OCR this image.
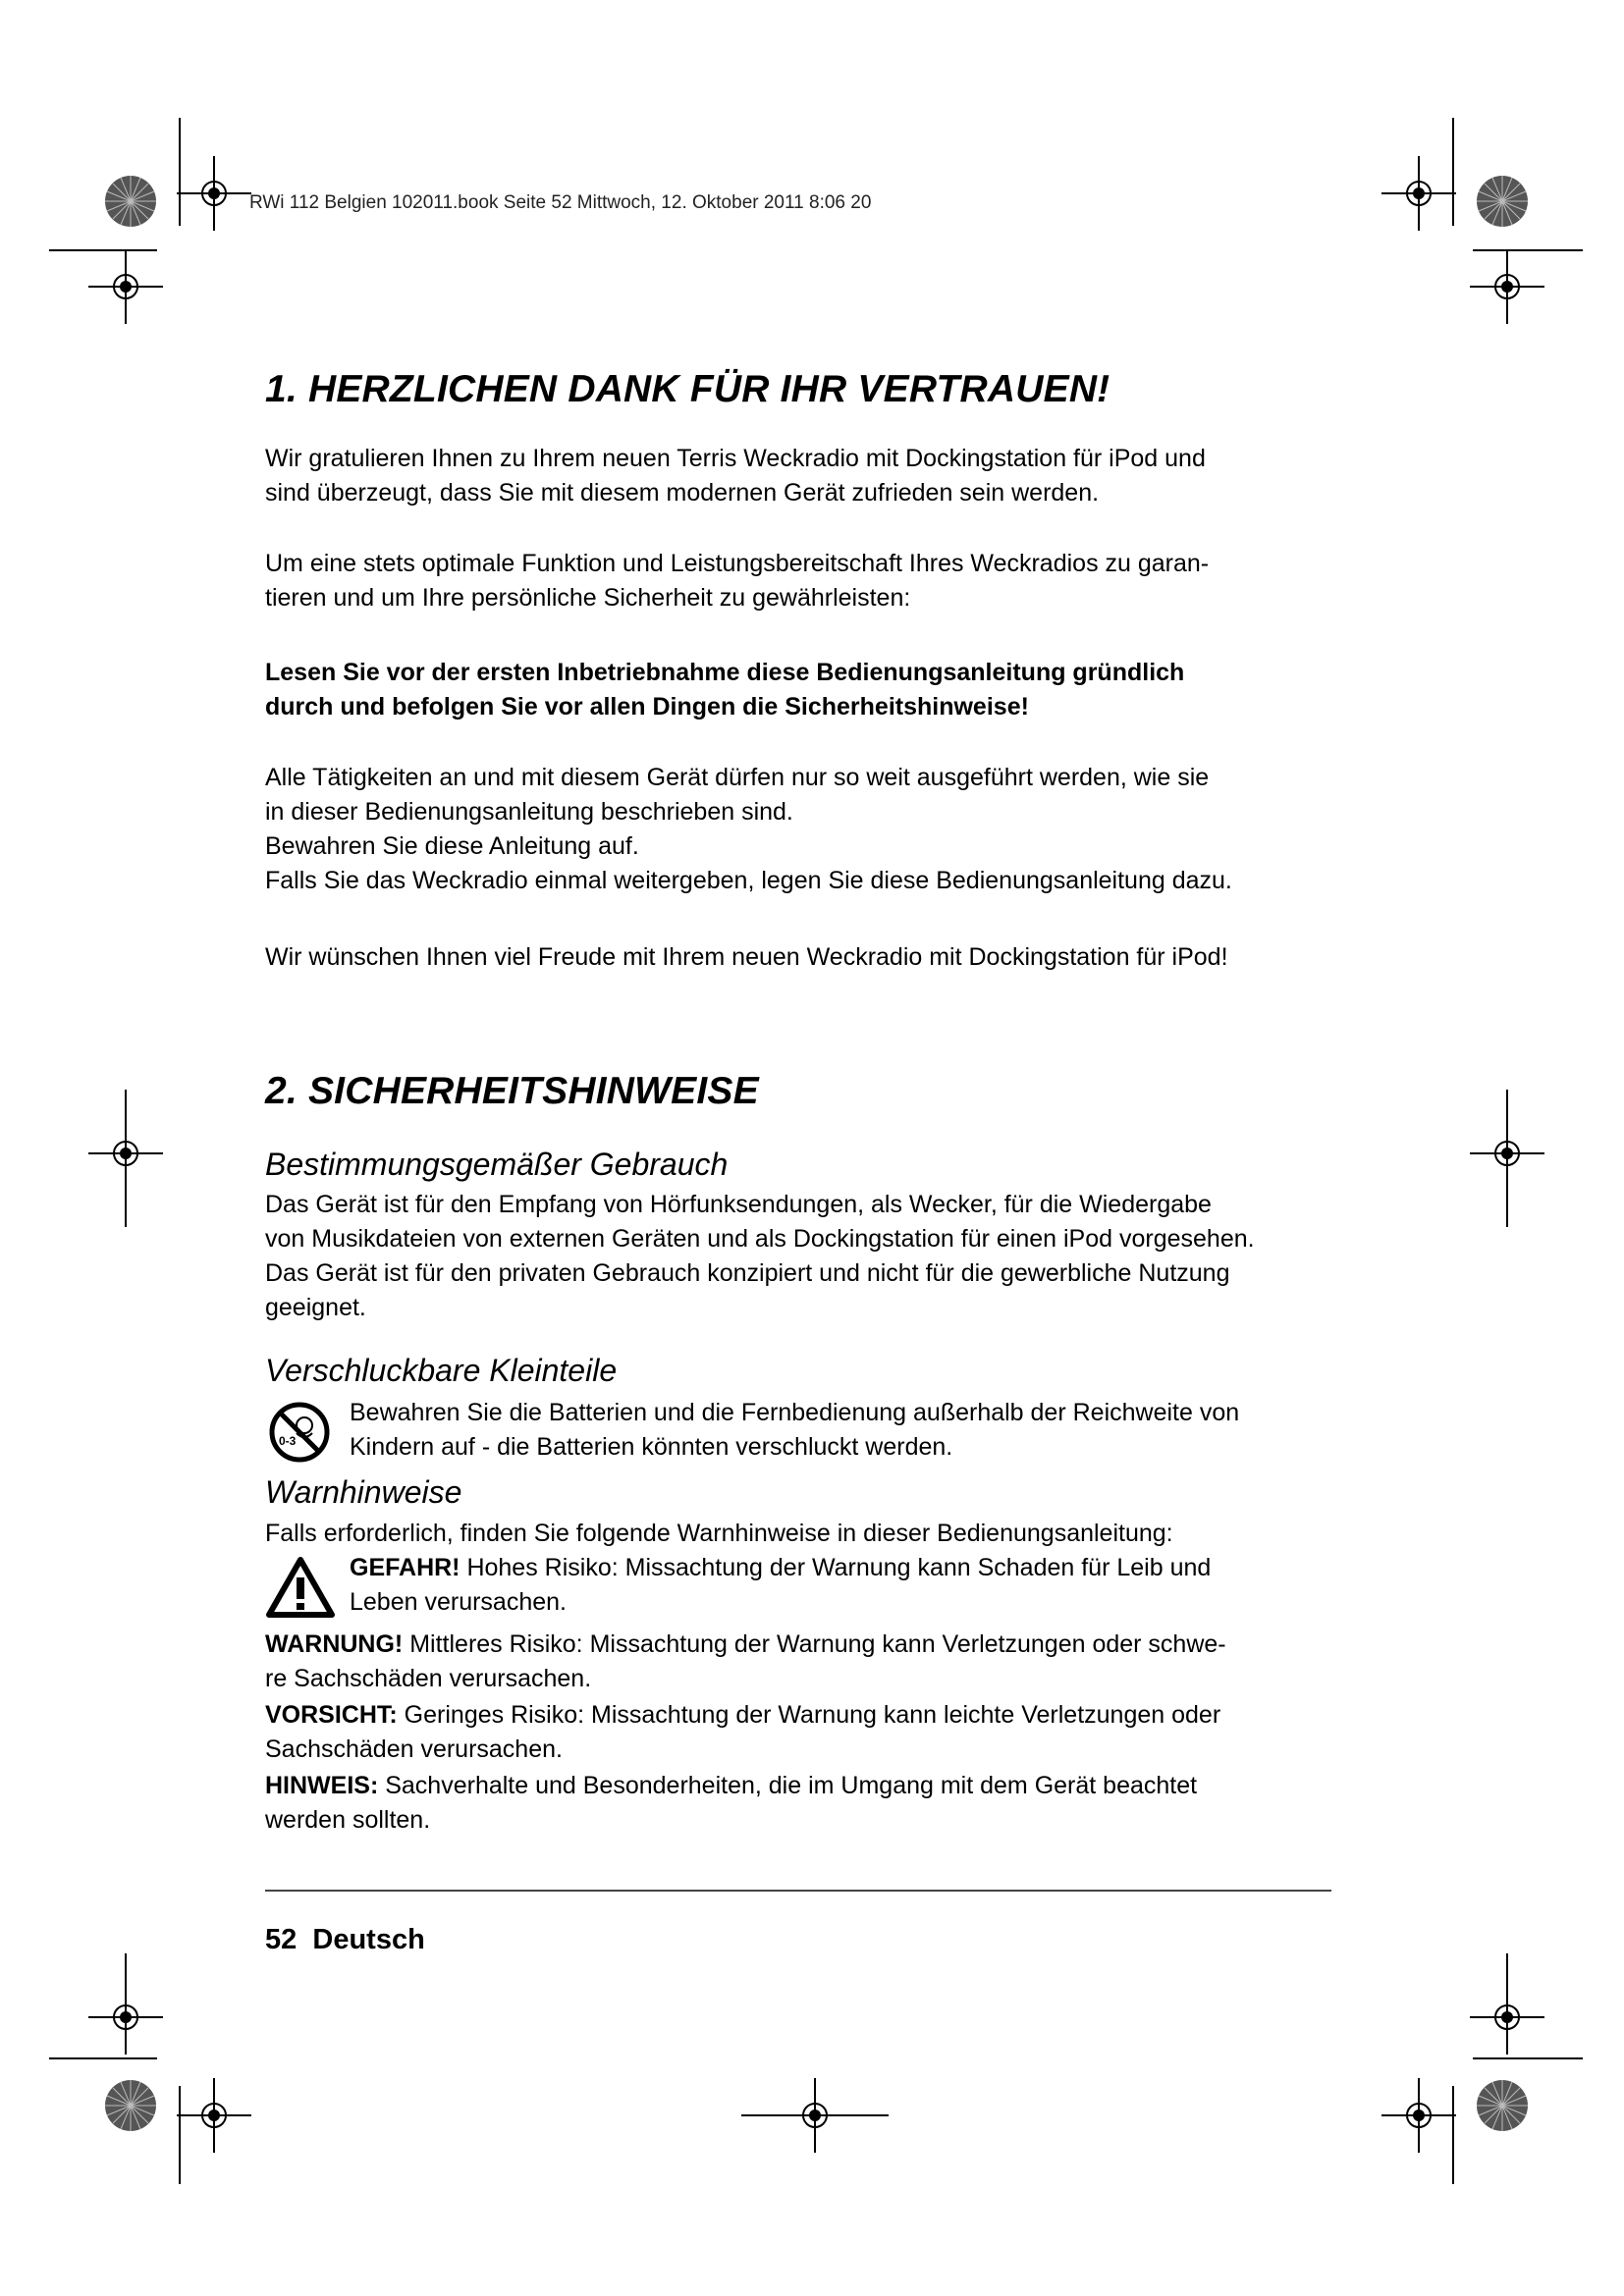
RWi 112 Belgien 102011.book Seite 52 Mittwoch, 12. Oktober 2011 8:06 20
1. HERZLICHEN DANK FÜR IHR VERTRAUEN!
Wir gratulieren Ihnen zu Ihrem neuen Terris Weckradio mit Dockingstation für iPod und
sind überzeugt, dass Sie mit diesem modernen Gerät zufrieden sein werden.
Um eine stets optimale Funktion und Leistungsbereitschaft Ihres Weckradios zu garan-
tieren und um Ihre persönliche Sicherheit zu gewährleisten:
Lesen Sie vor der ersten Inbetriebnahme diese Bedienungsanleitung gründlich
durch und befolgen Sie vor allen Dingen die Sicherheitshinweise!
Alle Tätigkeiten an und mit diesem Gerät dürfen nur so weit ausgeführt werden, wie sie
in dieser Bedienungsanleitung beschrieben sind.
Bewahren Sie diese Anleitung auf.
Falls Sie das Weckradio einmal weitergeben, legen Sie diese Bedienungsanleitung dazu.
Wir wünschen Ihnen viel Freude mit Ihrem neuen Weckradio mit Dockingstation für iPod!
2. SICHERHEITSHINWEISE
Bestimmungsgemäßer Gebrauch
Das Gerät ist für den Empfang von Hörfunksendungen, als Wecker, für die Wiedergabe
von Musikdateien von externen Geräten und als Dockingstation für einen iPod vorgesehen.
Das Gerät ist für den privaten Gebrauch konzipiert und nicht für die gewerbliche Nutzung
geeignet.
Verschluckbare Kleinteile
0-3
Bewahren Sie die Batterien und die Fernbedienung außerhalb der Reichweite von
Kindern auf - die Batterien könnten verschluckt werden.
Warnhinweise
Falls erforderlich, finden Sie folgende Warnhinweise in dieser Bedienungsanleitung:
GEFAHR! Hohes Risiko: Missachtung der Warnung kann Schaden für Leib und
Leben verursachen.
WARNUNG! Mittleres Risiko: Missachtung der Warnung kann Verletzungen oder schwe-
re Sachschäden verursachen.
VORSICHT: Geringes Risiko: Missachtung der Warnung kann leichte Verletzungen oder
Sachschäden verursachen.
HINWEIS: Sachverhalte und Besonderheiten, die im Umgang mit dem Gerät beachtet
werden sollten.
52 Deutsch
